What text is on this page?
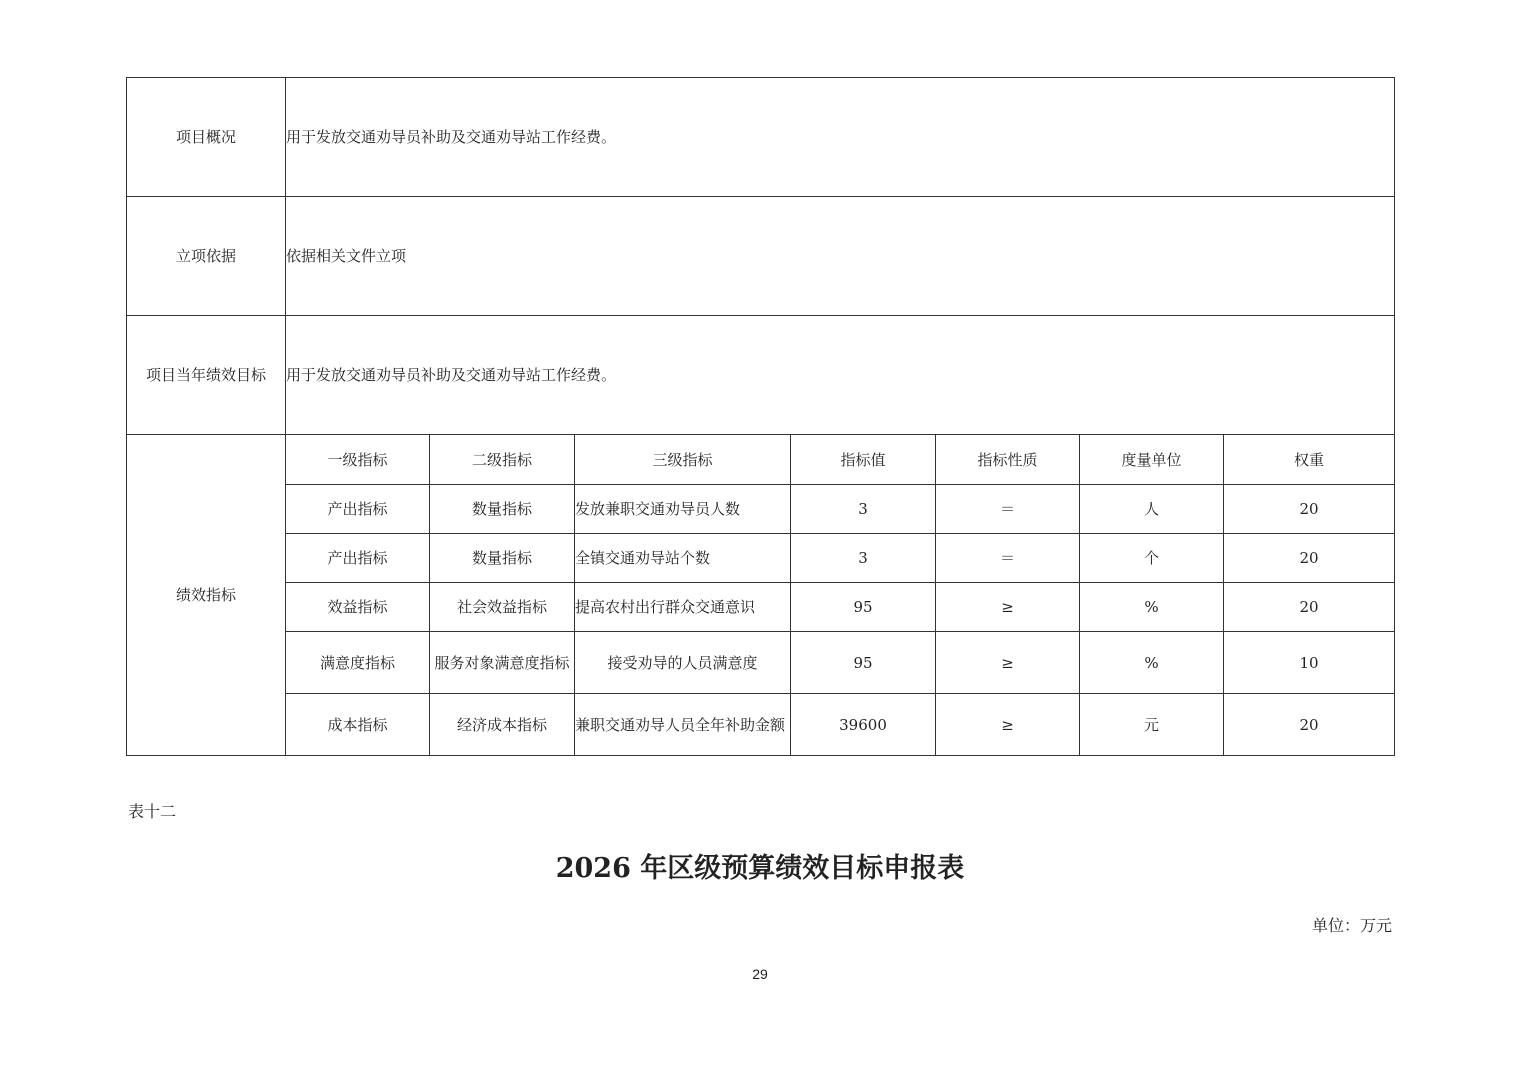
项目概况	用于发放交通劝导员补助及交通劝导站工作经费。						
立项依据	依据相关文件立项						
项目当年绩效目标	用于发放交通劝导员补助及交通劝导站工作经费。						
绩效指标	一级指标	二级指标	三级指标	指标值	指标性质	度量单位	权重
	产出指标	数量指标	发放兼职交通劝导员人数	3	＝	人	20
	产出指标	数量指标	全镇交通劝导站个数	3	＝	个	20
	效益指标	社会效益指标	提高农村出行群众交通意识	95	≥	%	20
	满意度指标	服务对象满意度指标	接受劝导的人员满意度	95	≥	%	10
	成本指标	经济成本指标	兼职交通劝导人员全年补助金额	39600	≥	元	20
表十二
2026 年区级预算绩效目标申报表
单位：万元
29
